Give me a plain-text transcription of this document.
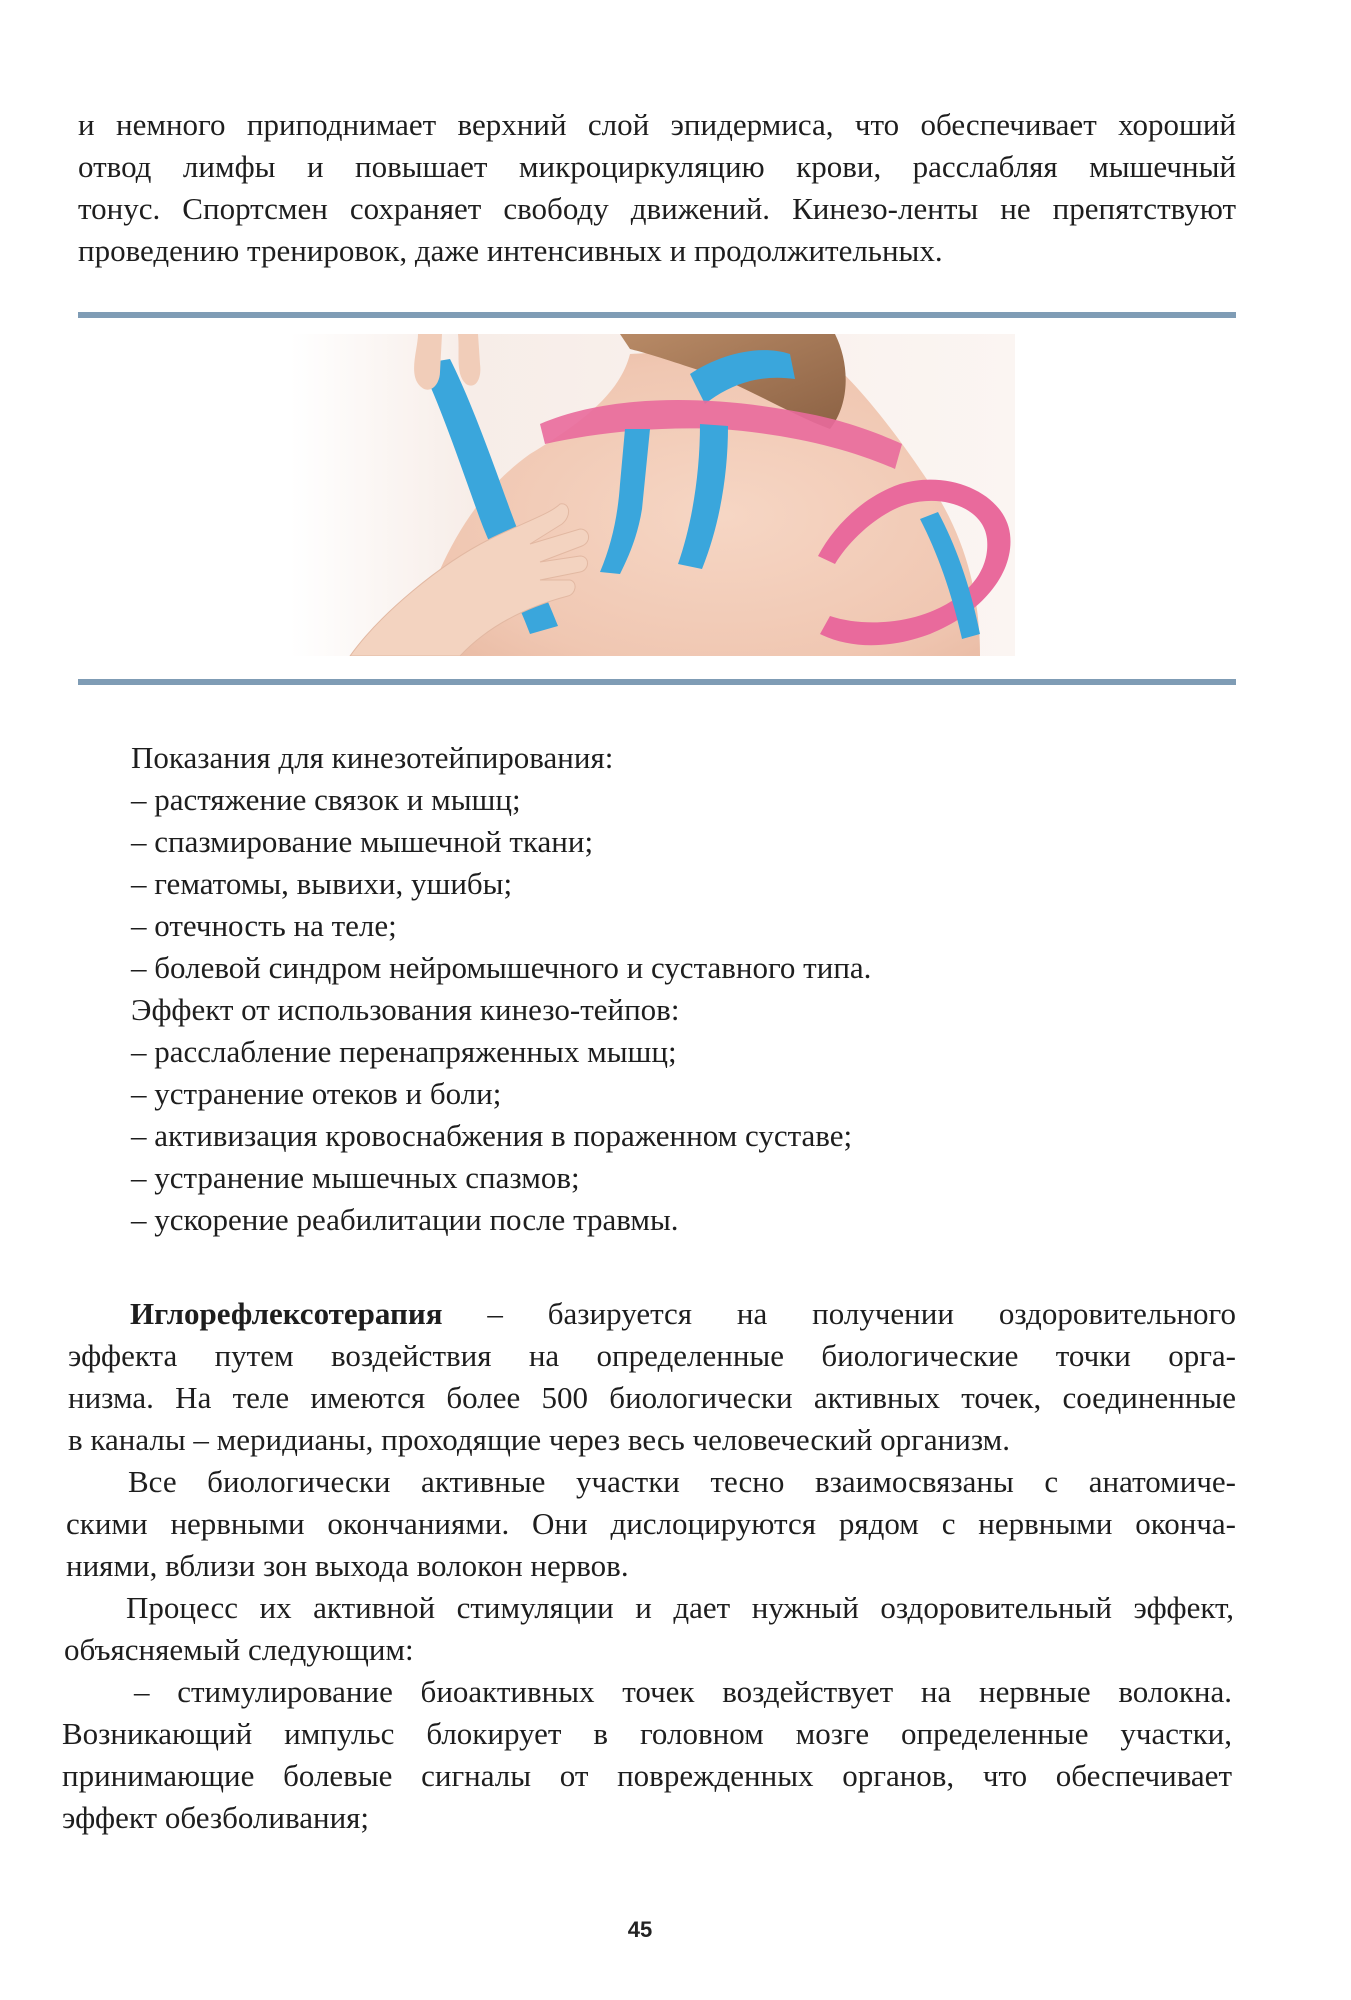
и немного приподнимает верхний слой эпидермиса, что обеспечивает хороший
отвод лимфы и повышает микроциркуляцию крови, расслабляя мышечный
тонус. Спортсмен сохраняет свободу движений. Кинезо-ленты не препятствуют
проведению тренировок, даже интенсивных и продолжительных.
Показания для кинезотейпирования:
– растяжение связок и мышц;
– спазмирование мышечной ткани;
– гематомы, вывихи, ушибы;
– отечность на теле;
– болевой синдром нейромышечного и суставного типа.
Эффект от использования кинезо-тейпов:
– расслабление перенапряженных мышц;
– устранение отеков и боли;
– активизация кровоснабжения в пораженном суставе;
– устранение мышечных спазмов;
– ускорение реабилитации после травмы.
Иглорефлексотерапия – базируется на получении оздоровительного
эффекта путем воздействия на определенные биологические точки орга-
низма. На теле имеются более 500 биологически активных точек, соединенные
в каналы – меридианы, проходящие через весь человеческий организм.
Все биологически активные участки тесно взаимосвязаны с анатомиче-
скими нервными окончаниями. Они дислоцируются рядом с нервными оконча-
ниями, вблизи зон выхода волокон нервов.
Процесс их активной стимуляции и дает нужный оздоровительный эффект,
объясняемый следующим:
– стимулирование биоактивных точек воздействует на нервные волокна.
Возникающий импульс блокирует в головном мозге определенные участки,
принимающие болевые сигналы от поврежденных органов, что обеспечивает
эффект обезболивания;
45
